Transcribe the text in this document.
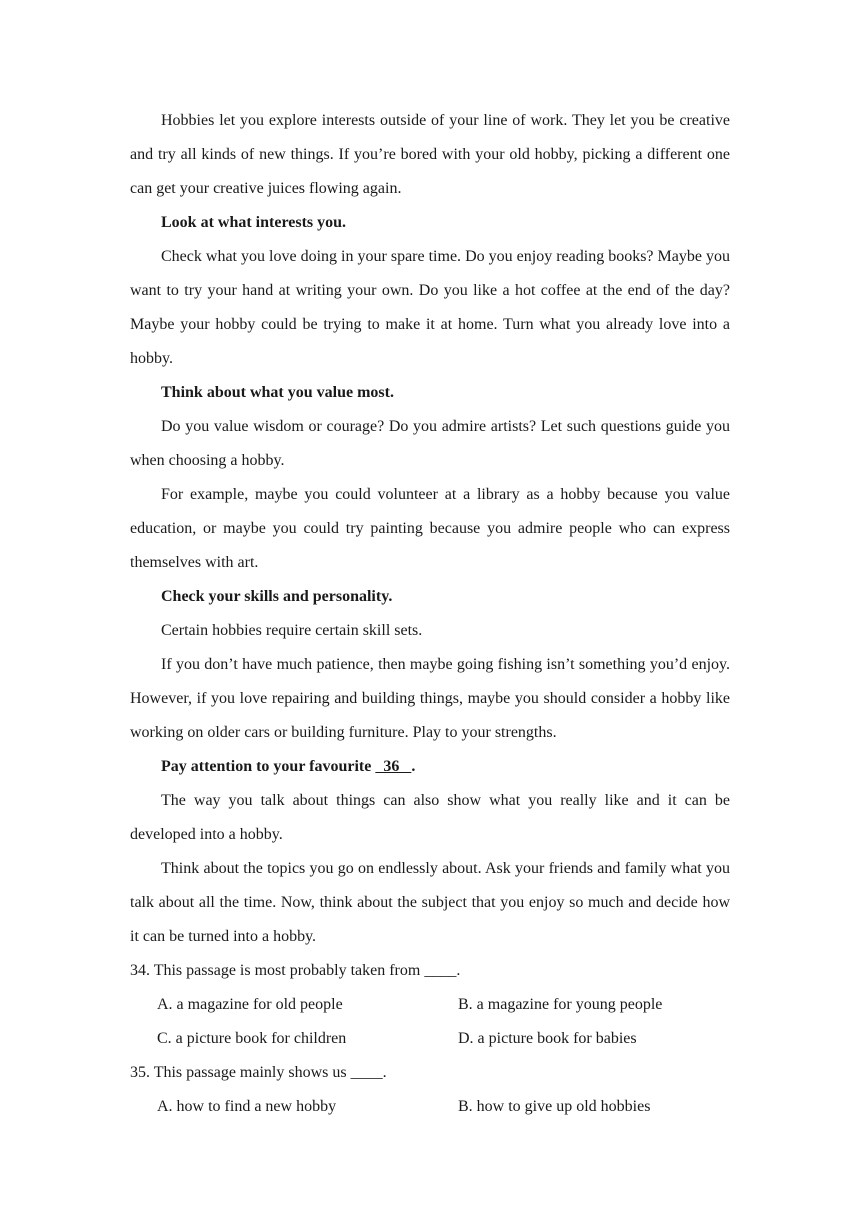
Hobbies let you explore interests outside of your line of work. They let you be creative and try all kinds of new things. If you’re bored with your old hobby, picking a different one can get your creative juices flowing again.

Look at what interests you.

Check what you love doing in your spare time. Do you enjoy reading books? Maybe you want to try your hand at writing your own. Do you like a hot coffee at the end of the day? Maybe your hobby could be trying to make it at home. Turn what you already love into a hobby.

Think about what you value most.

Do you value wisdom or courage? Do you admire artists? Let such questions guide you when choosing a hobby.

For example, maybe you could volunteer at a library as a hobby because you value education, or maybe you could try painting because you admire people who can express themselves with art.

Check your skills and personality.

Certain hobbies require certain skill sets.

If you don’t have much patience, then maybe going fishing isn’t something you’d enjoy. However, if you love repairing and building things, maybe you should consider a hobby like working on older cars or building furniture. Play to your strengths.

Pay attention to your favourite   36   .

The way you talk about things can also show what you really like and it can be developed into a hobby.

Think about the topics you go on endlessly about. Ask your friends and family what you talk about all the time. Now, think about the subject that you enjoy so much and decide how it can be turned into a hobby.

34. This passage is most probably taken from ____.

A. a magazine for old people	B. a magazine for young people
C. a picture book for children	D. a picture book for babies

35. This passage mainly shows us ____.

A. how to find a new hobby	B. how to give up old hobbies
